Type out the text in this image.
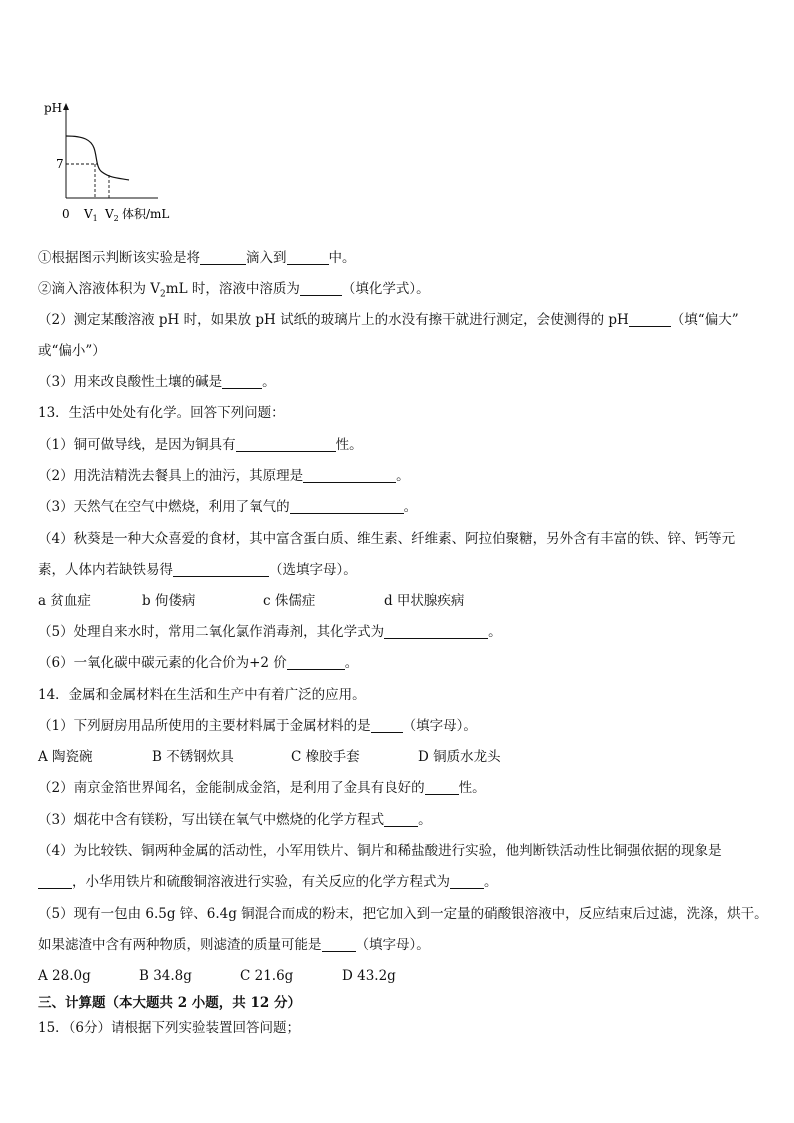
pH
7
0 $V_1$ $V_2$ 体积/mL
①根据图示判断该实验是将	滴入到	中。
②滴入溶液体积为 $V_2mL$ 时，溶液中溶质为	（填化学式）。
（2）测定某酸溶液 pH 时，如果放 pH 试纸的玻璃片上的水没有擦干就进行测定，会使测得的 pH	（填“偏大”
或“偏小”）
（3）用来改良酸性土壤的碱是	。
13．生活中处处有化学。回答下列问题：
（1）铜可做导线，是因为铜具有	性。
（2）用洗洁精洗去餐具上的油污，其原理是	。
（3）天然气在空气中燃烧，利用了氧气的	。
（4）秋葵是一种大众喜爱的食材，其中富含蛋白质、维生素、纤维素、阿拉伯聚糖，另外含有丰富的铁、锌、钙等元
素，人体内若缺铁易得	（选填字母）。
a 贫血症	b 佝偻病	c 侏儒症	d 甲状腺疾病
（5）处理自来水时，常用二氧化氯作消毒剂，其化学式为	。
（6）一氧化碳中碳元素的化合价为+2 价	。
14．金属和金属材料在生活和生产中有着广泛的应用。
（1）下列厨房用品所使用的主要材料属于金属材料的是 （填字母）。
A 陶瓷碗	B 不锈钢炊具	C 橡胶手套	D 铜质水龙头
（2）南京金箔世界闻名，金能制成金箔，是利用了金具有良好的	性。
（3）烟花中含有镁粉，写出镁在氧气中燃烧的化学方程式	。
（4）为比较铁、铜两种金属的活动性，小军用铁片、铜片和稀盐酸进行实验，他判断铁活动性比铜强依据的现象是
，小华用铁片和硫酸铜溶液进行实验，有关反应的化学方程式为	。
（5）现有一包由 6.5g 锌、6.4g 铜混合而成的粉末，把它加入到一定量的硝酸银溶液中，反应结束后过滤，洗涤，烘干。
如果滤渣中含有两种物质，则滤渣的质量可能是	（填字母）。
A 28.0g	B 34.8g	C 21.6g	D 43.2g
三、计算题（本大题共 2 小题，共 12 分）
15．（6分）请根据下列实验装置回答问题；
